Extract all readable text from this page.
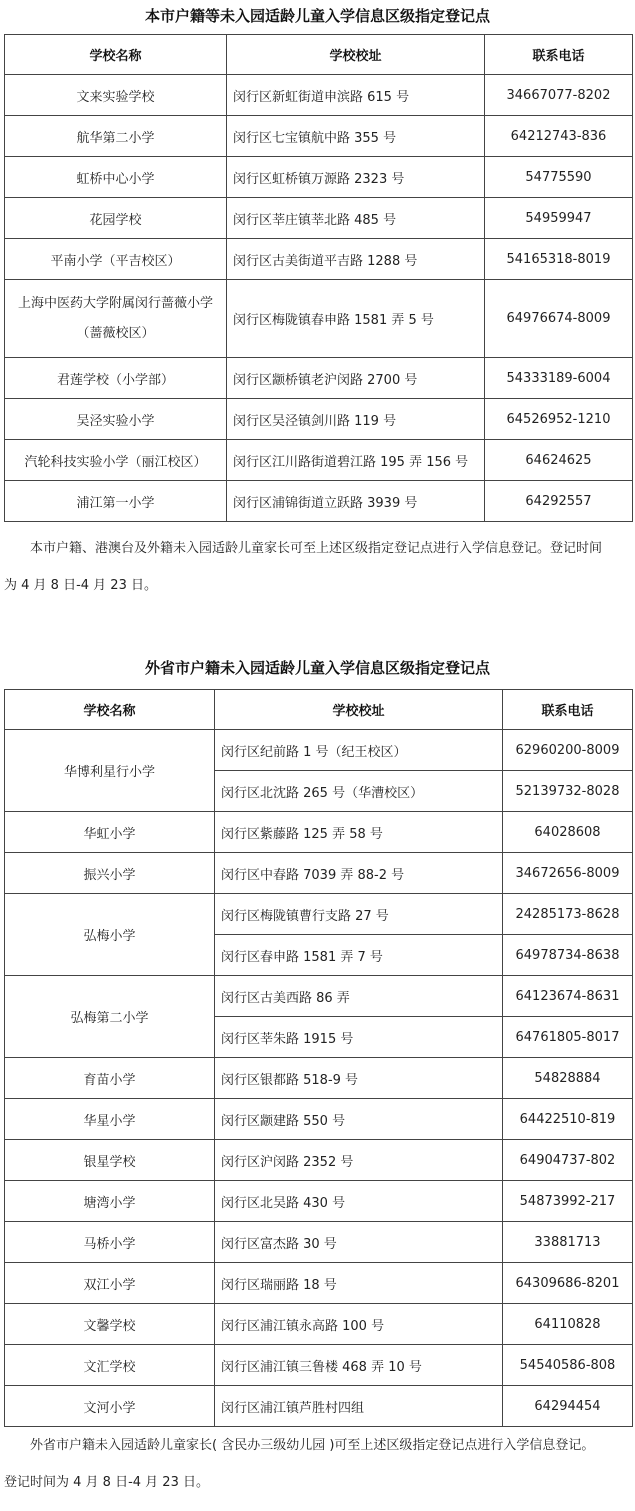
本市户籍等未入园适龄儿童入学信息区级指定登记点
学校名称	学校校址	联系电话
文来实验学校	闵行区新虹街道申滨路 615 号	34667077-8202
航华第二小学	闵行区七宝镇航中路 355 号	64212743-836
虹桥中心小学	闵行区虹桥镇万源路 2323 号	54775590
花园学校	闵行区莘庄镇莘北路 485 号	54959947
平南小学（平吉校区）	闵行区古美街道平吉路 1288 号	54165318-8019

上海中医药大学附属闵行蔷薇小学
（蔷薇校区）	闵行区梅陇镇春申路 1581 弄 5 号	64976674-8009
君莲学校（小学部）	闵行区颛桥镇老沪闵路 2700 号	54333189-6004
吴泾实验小学	闵行区吴泾镇剑川路 119 号	64526952-1210
汽轮科技实验小学（丽江校区）	闵行区江川路街道碧江路 195 弄 156 号	64624625
浦江第一小学	闵行区浦锦街道立跃路 3939 号	64292557

本市户籍、港澳台及外籍未入园适龄儿童家长可至上述区级指定登记点进行入学信息登记。登记时间

为 4 月 8 日-4 月 23 日。

外省市户籍未入园适龄儿童入学信息区级指定登记点
学校名称	学校校址	联系电话
华博利星行小学	闵行区纪前路 1 号（纪王校区）	62960200-8009
	闵行区北沈路 265 号（华漕校区）	52139732-8028
华虹小学	闵行区紫藤路 125 弄 58 号	64028608
振兴小学	闵行区中春路 7039 弄 88-2 号	34672656-8009
弘梅小学	闵行区梅陇镇曹行支路 27 号	24285173-8628
	闵行区春申路 1581 弄 7 号	64978734-8638
弘梅第二小学	闵行区古美西路 86 弄	64123674-8631
	闵行区莘朱路 1915 号	64761805-8017
育苗小学	闵行区银都路 518-9 号	54828884
华星小学	闵行区颛建路 550 号	64422510-819
银星学校	闵行区沪闵路 2352 号	64904737-802
塘湾小学	闵行区北吴路 430 号	54873992-217
马桥小学	闵行区富杰路 30 号	33881713
双江小学	闵行区瑞丽路 18 号	64309686-8201
文馨学校	闵行区浦江镇永高路 100 号	64110828
文汇学校	闵行区浦江镇三鲁楼 468 弄 10 号	54540586-808
文河小学	闵行区浦江镇芦胜村四组	64294454

外省市户籍未入园适龄儿童家长( 含民办三级幼儿园 )可至上述区级指定登记点进行入学信息登记。

登记时间为 4 月 8 日-4 月 23 日。
